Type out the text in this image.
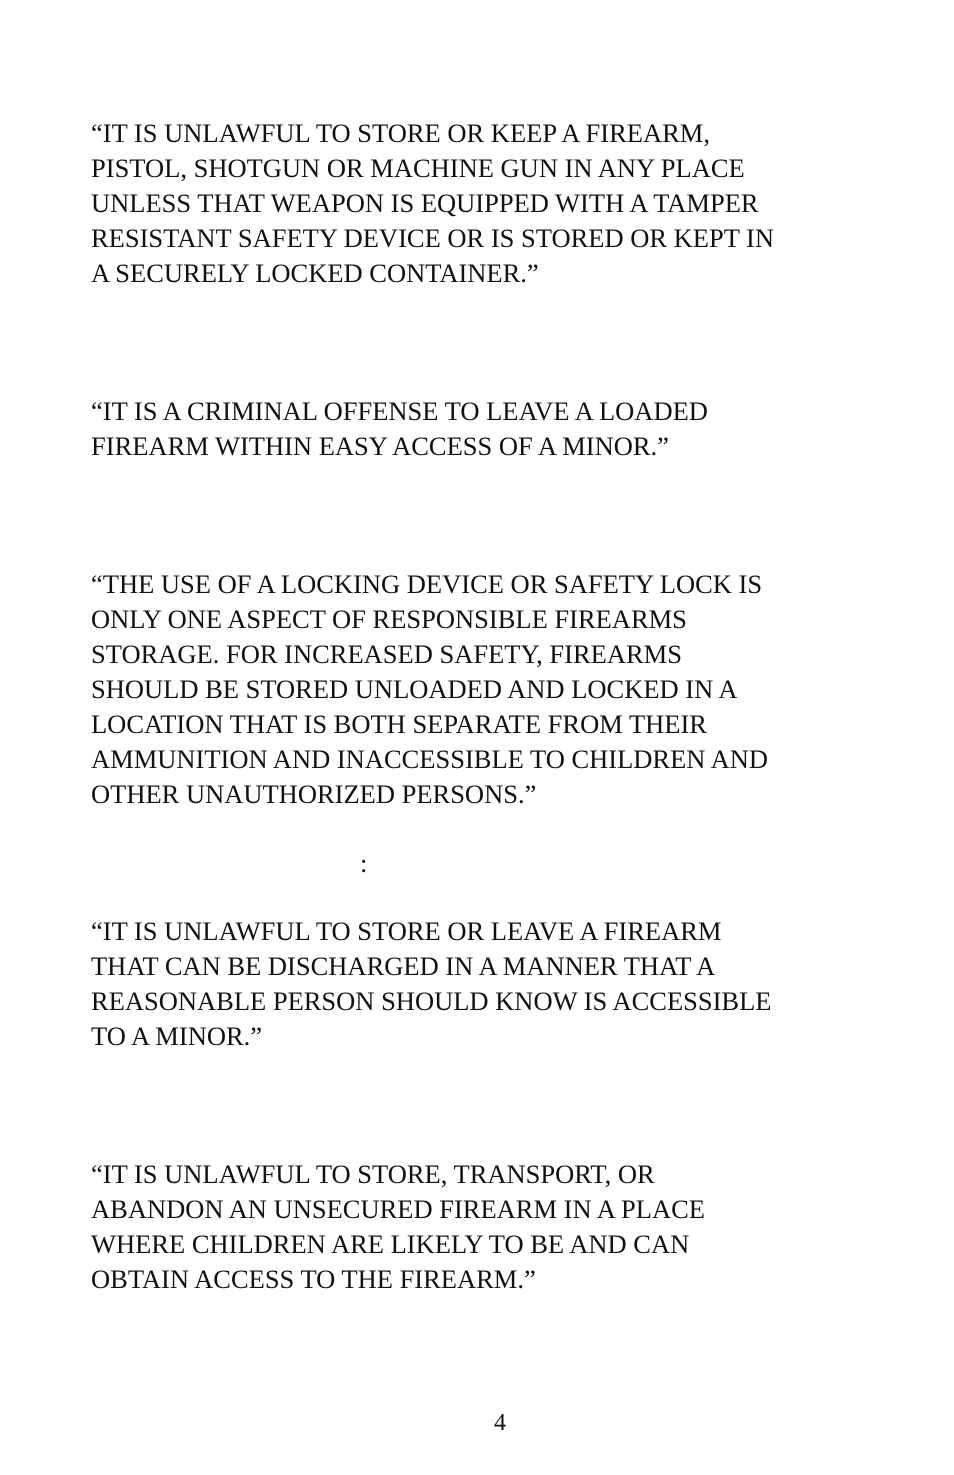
“IT IS UNLAWFUL TO STORE OR KEEP A FIREARM,
PISTOL, SHOTGUN OR MACHINE GUN IN ANY PLACE
UNLESS THAT WEAPON IS EQUIPPED WITH A TAMPER
RESISTANT SAFETY DEVICE OR IS STORED OR KEPT IN
A SECURELY LOCKED CONTAINER.”

“IT IS A CRIMINAL OFFENSE TO LEAVE A LOADED
FIREARM WITHIN EASY ACCESS OF A MINOR.”

“THE USE OF A LOCKING DEVICE OR SAFETY LOCK IS
ONLY ONE ASPECT OF RESPONSIBLE FIREARMS
STORAGE. FOR INCREASED SAFETY, FIREARMS
SHOULD BE STORED UNLOADED AND LOCKED IN A
LOCATION THAT IS BOTH SEPARATE FROM THEIR
AMMUNITION AND INACCESSIBLE TO CHILDREN AND
OTHER UNAUTHORIZED PERSONS.”

:

“IT IS UNLAWFUL TO STORE OR LEAVE A FIREARM
THAT CAN BE DISCHARGED IN A MANNER THAT A
REASONABLE PERSON SHOULD KNOW IS ACCESSIBLE
TO A MINOR.”

“IT IS UNLAWFUL TO STORE, TRANSPORT, OR
ABANDON AN UNSECURED FIREARM IN A PLACE
WHERE CHILDREN ARE LIKELY TO BE AND CAN
OBTAIN ACCESS TO THE FIREARM.”

4
